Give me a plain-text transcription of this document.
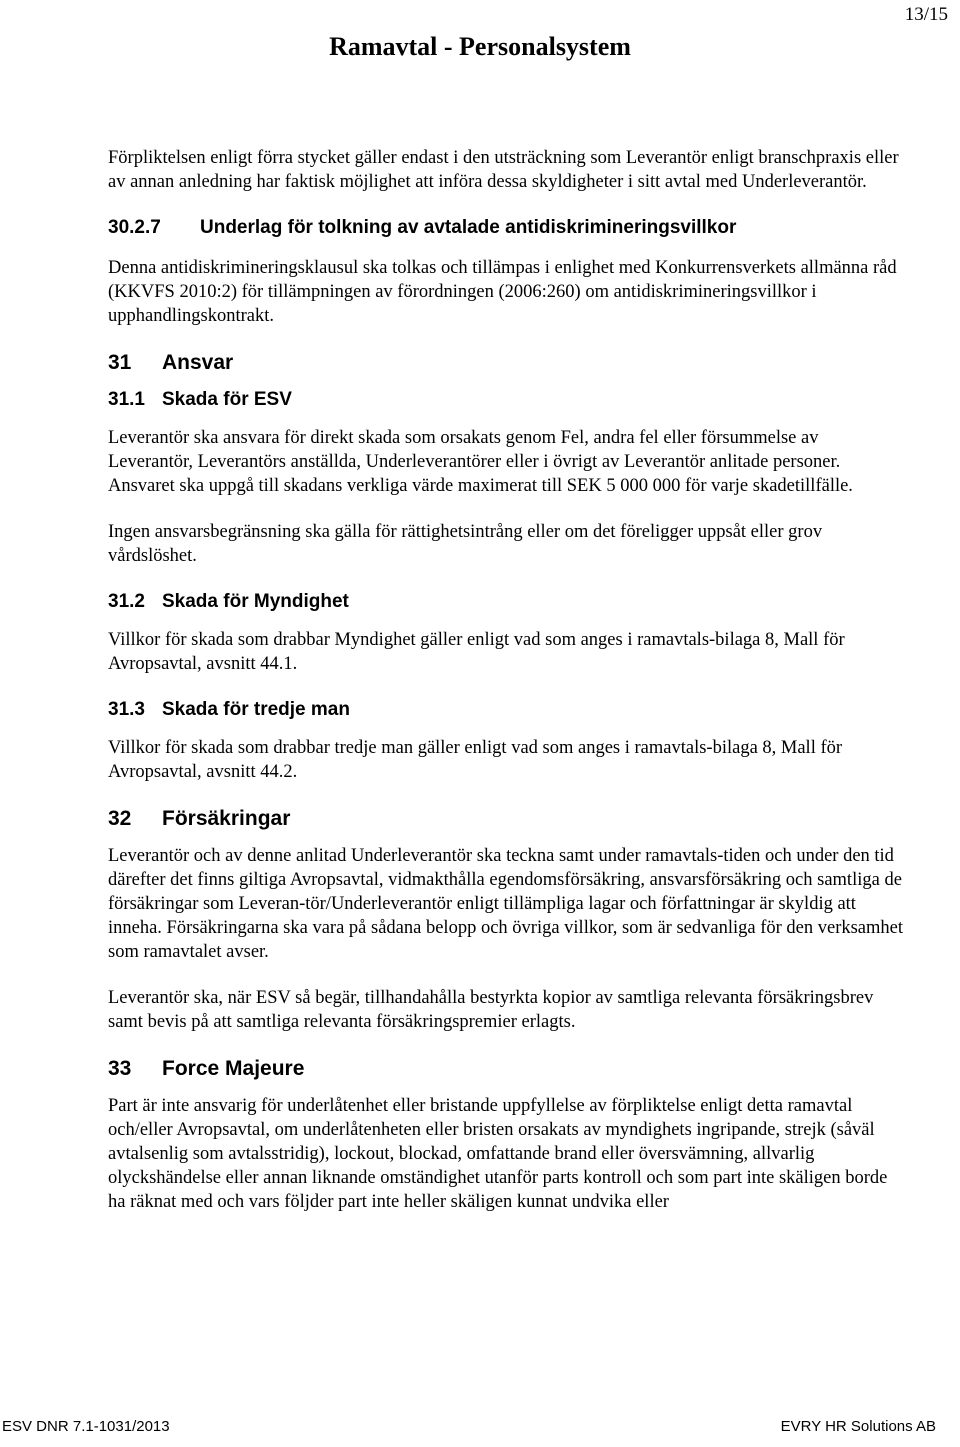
13/15
Ramavtal - Personalsystem

Förpliktelsen enligt förra stycket gäller endast i den utsträckning som Leverantör enligt branschpraxis eller av annan anledning har faktisk möjlighet att införa dessa skyldigheter i sitt avtal med Underleverantör.

30.2.7 Underlag för tolkning av avtalade antidiskrimineringsvillkor

Denna antidiskrimineringsklausul ska tolkas och tillämpas i enlighet med Konkurrensverkets allmänna råd (KKVFS 2010:2) för tillämpningen av förordningen (2006:260) om antidiskrimineringsvillkor i upphandlingskontrakt.

31 Ansvar
31.1 Skada för ESV

Leverantör ska ansvara för direkt skada som orsakats genom Fel, andra fel eller försummelse av Leverantör, Leverantörs anställda, Underleverantörer eller i övrigt av Leverantör anlitade personer. Ansvaret ska uppgå till skadans verkliga värde maximerat till SEK 5 000 000 för varje skadetillfälle.

Ingen ansvarsbegränsning ska gälla för rättighetsintrång eller om det föreligger uppsåt eller grov vårdslöshet.

31.2 Skada för Myndighet

Villkor för skada som drabbar Myndighet gäller enligt vad som anges i ramavtals-bilaga 8, Mall för Avropsavtal, avsnitt 44.1.

31.3 Skada för tredje man

Villkor för skada som drabbar tredje man gäller enligt vad som anges i ramavtals-bilaga 8, Mall för Avropsavtal, avsnitt 44.2.

32 Försäkringar

Leverantör och av denne anlitad Underleverantör ska teckna samt under ramavtals-tiden och under den tid därefter det finns giltiga Avropsavtal, vidmakthålla egendomsförsäkring, ansvarsförsäkring och samtliga de försäkringar som Leveran-tör/Underleverantör enligt tillämpliga lagar och författningar är skyldig att inneha. Försäkringarna ska vara på sådana belopp och övriga villkor, som är sedvanliga för den verksamhet som ramavtalet avser.

Leverantör ska, när ESV så begär, tillhandahålla bestyrkta kopior av samtliga relevanta försäkringsbrev samt bevis på att samtliga relevanta försäkringspremier erlagts.

33 Force Majeure

Part är inte ansvarig för underlåtenhet eller bristande uppfyllelse av förpliktelse enligt detta ramavtal och/eller Avropsavtal, om underlåtenheten eller bristen orsakats av myndighets ingripande, strejk (såväl avtalsenlig som avtalsstridig), lockout, blockad, omfattande brand eller översvämning, allvarlig olyckshändelse eller annan liknande omständighet utanför parts kontroll och som part inte skäligen borde ha räknat med och vars följder part inte heller skäligen kunnat undvika eller

ESV DNR 7.1-1031/2013	EVRY HR Solutions AB
